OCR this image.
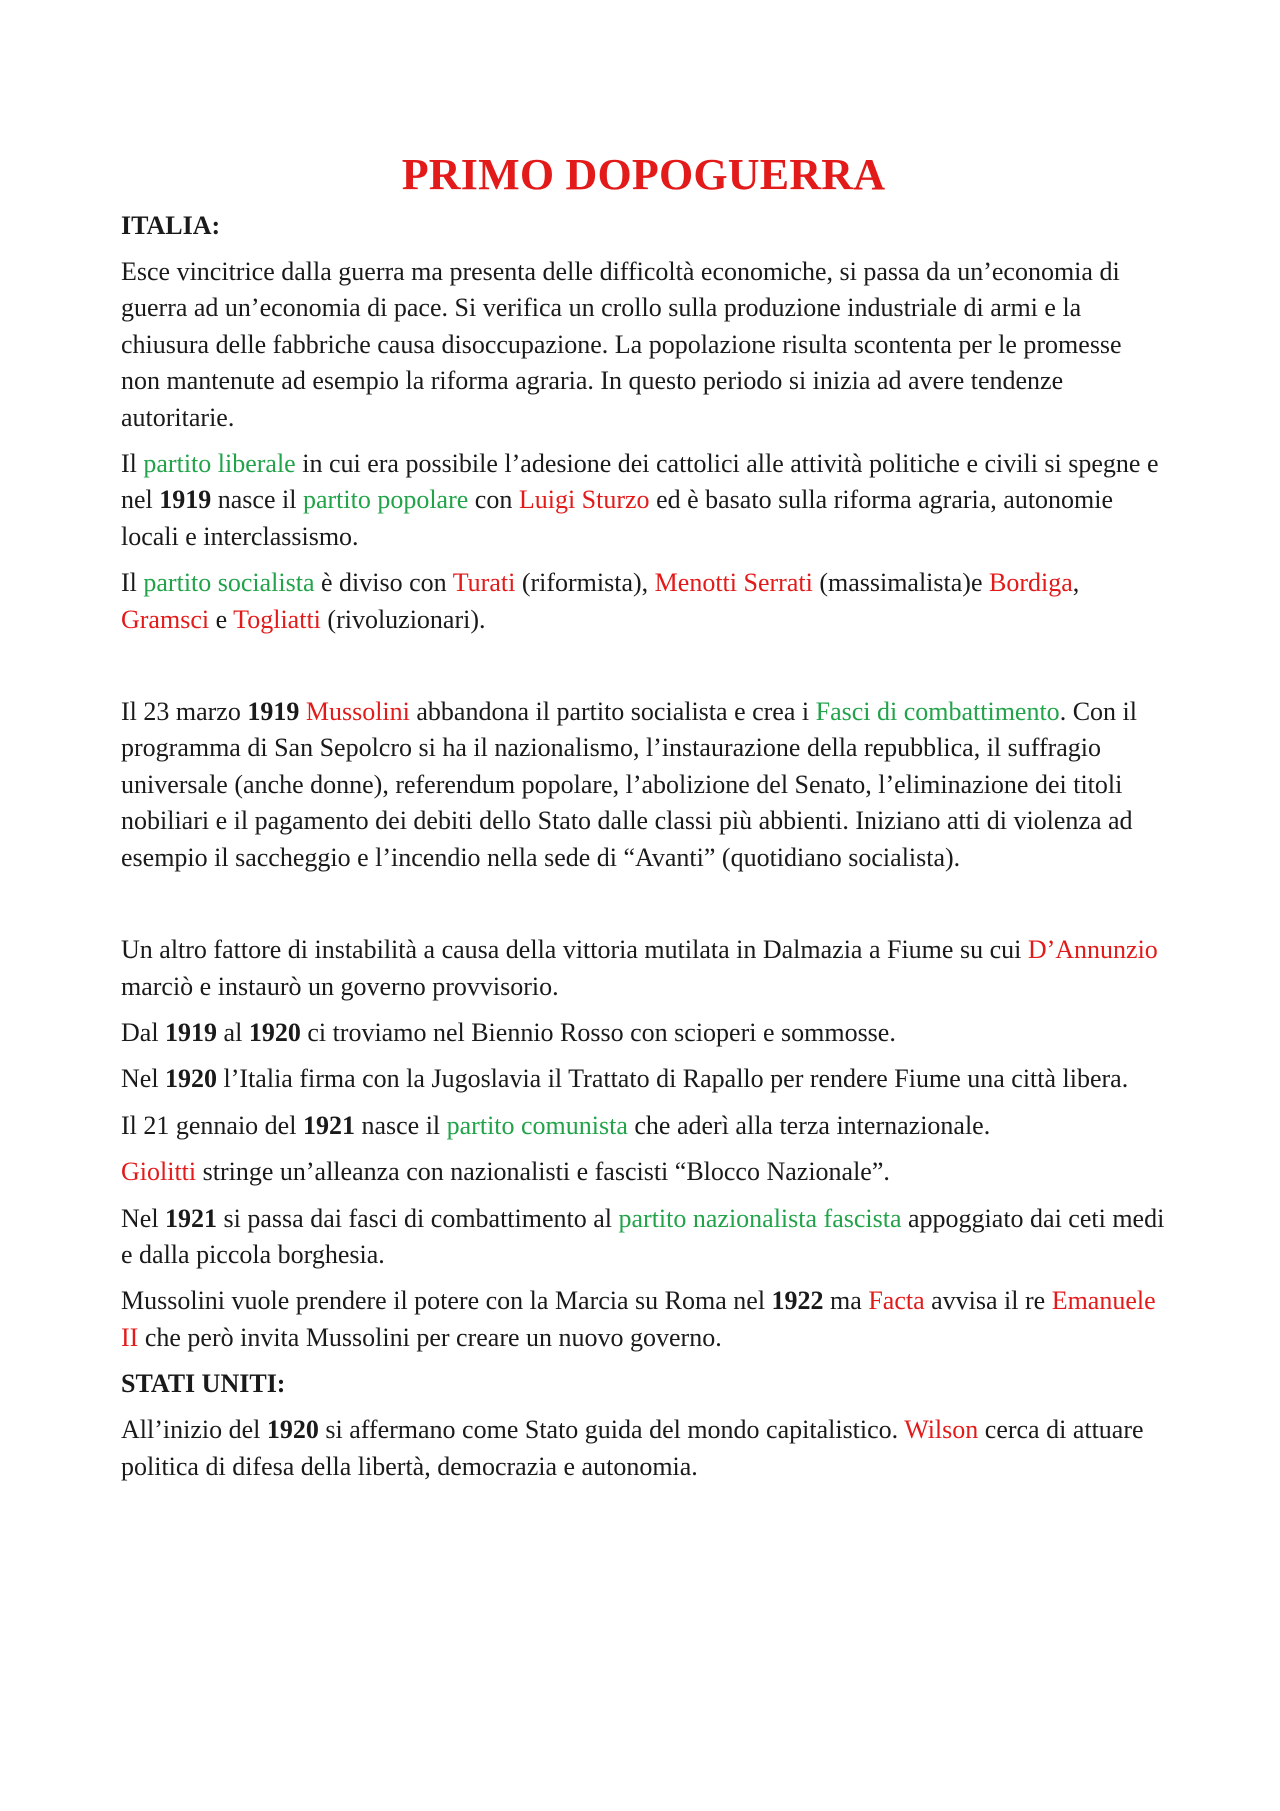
PRIMO DOPOGUERRA
ITALIA:

Esce vincitrice dalla guerra ma presenta delle difficoltà economiche, si passa da un’economia di guerra ad un’economia di pace. Si verifica un crollo sulla produzione industriale di armi e la chiusura delle fabbriche causa disoccupazione. La popolazione risulta scontenta per le promesse non mantenute ad esempio la riforma agraria. In questo periodo si inizia ad avere tendenze autoritarie.

Il partito liberale in cui era possibile l’adesione dei cattolici alle attività politiche e civili si spegne e nel 1919 nasce il partito popolare con Luigi Sturzo ed è basato sulla riforma agraria, autonomie locali e interclassismo.

Il partito socialista è diviso con Turati (riformista), Menotti Serrati (massimalista)e Bordiga, Gramsci e Togliatti (rivoluzionari).

Il 23 marzo 1919 Mussolini abbandona il partito socialista e crea i Fasci di combattimento. Con il programma di San Sepolcro si ha il nazionalismo, l’instaurazione della repubblica, il suffragio universale (anche donne), referendum popolare, l’abolizione del Senato, l’eliminazione dei titoli nobiliari e il pagamento dei debiti dello Stato dalle classi più abbienti. Iniziano atti di violenza ad esempio il saccheggio e l’incendio nella sede di “Avanti” (quotidiano socialista).

Un altro fattore di instabilità a causa della vittoria mutilata in Dalmazia a Fiume su cui D’Annunzio marciò e instaurò un governo provvisorio.

Dal 1919 al 1920 ci troviamo nel Biennio Rosso con scioperi e sommosse.

Nel 1920 l’Italia firma con la Jugoslavia il Trattato di Rapallo per rendere Fiume una città libera.

Il 21 gennaio del 1921 nasce il partito comunista che aderì alla terza internazionale.

Giolitti stringe un’alleanza con nazionalisti e fascisti “Blocco Nazionale”.

Nel 1921 si passa dai fasci di combattimento al partito nazionalista fascista appoggiato dai ceti medi e dalla piccola borghesia.

Mussolini vuole prendere il potere con la Marcia su Roma nel 1922 ma Facta avvisa il re Emanuele II che però invita Mussolini per creare un nuovo governo.

STATI UNITI:

All’inizio del 1920 si affermano come Stato guida del mondo capitalistico. Wilson cerca di attuare politica di difesa della libertà, democrazia e autonomia.
